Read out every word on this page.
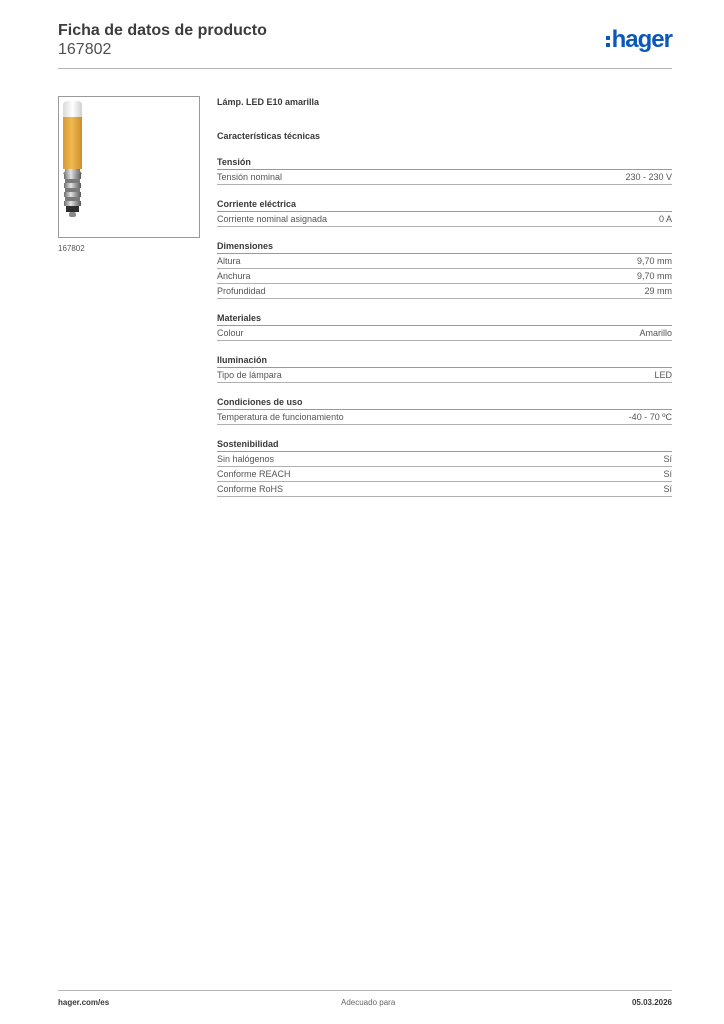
Ficha de datos de producto
167802	hager
167802
Lámp. LED E10 amarilla
Características técnicas
Tensión
Tensión nominal	230 - 230 V
Corriente eléctrica
Corriente nominal asignada	0 A
Dimensiones
Altura	9,70 mm
Anchura	9,70 mm
Profundidad	29 mm
Materiales
Colour	Amarillo
Iluminación
Tipo de lámpara	LED
Condiciones de uso
Temperatura de funcionamiento	-40 - 70 ºC
Sostenibilidad
Sin halógenos	Sí
Conforme REACH	Sí
Conforme RoHS	Sí
hager.com/es	Adecuado para	05.03.2026
